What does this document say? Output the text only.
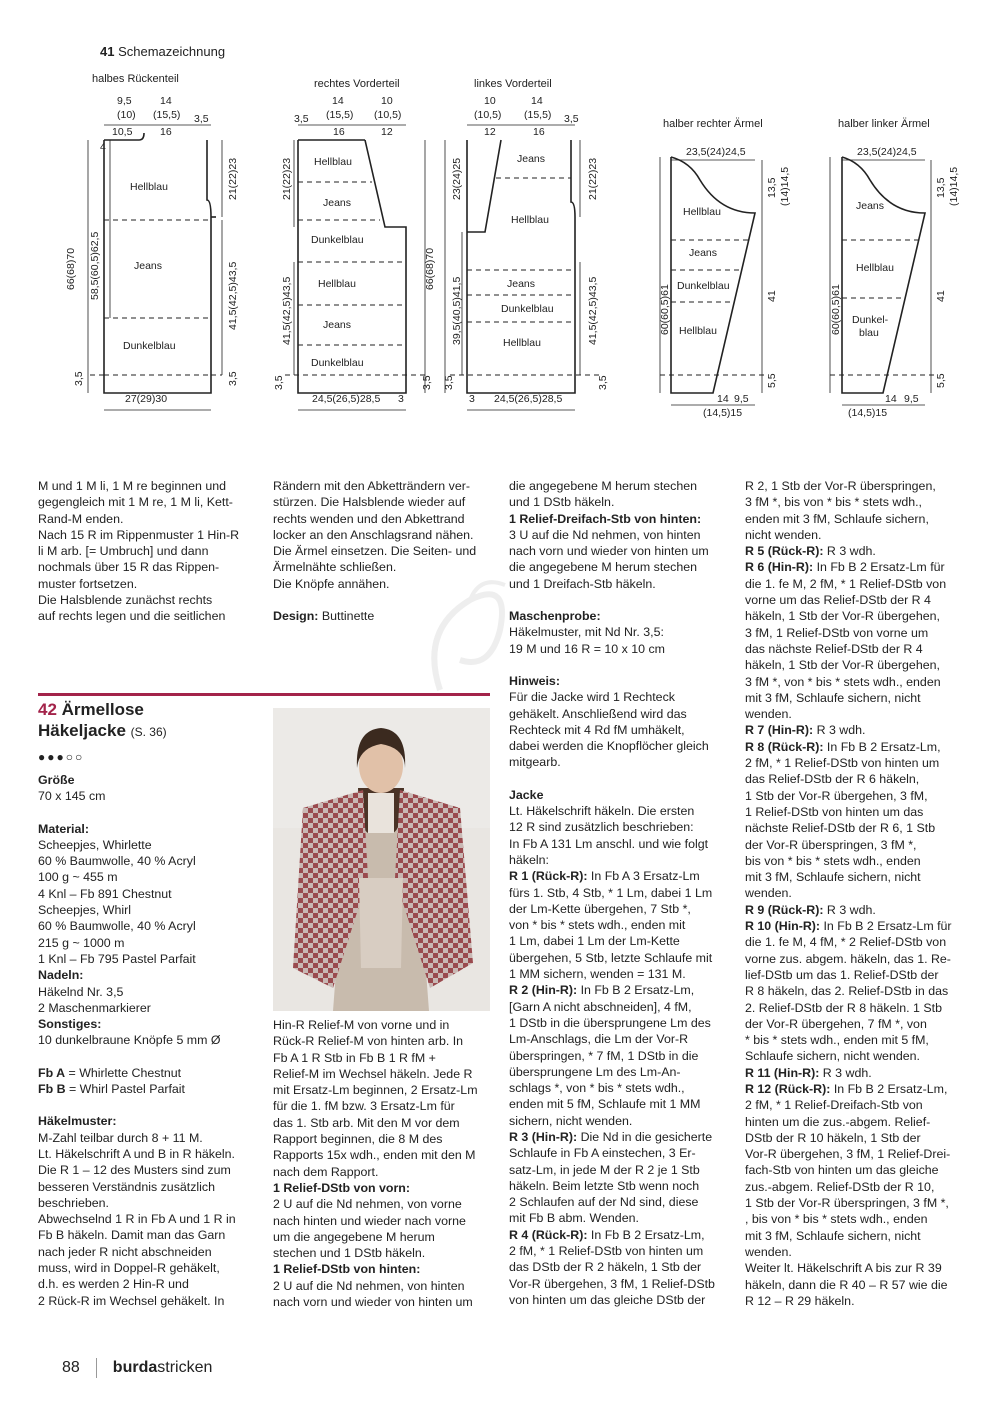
41 Schemazeichnung
halbes Rückenteil
9,5	14
(10) (15,5)
10,5	16
3,5
4
Hellblau
Jeans
Dunkelblau
27(29)30
66(68)70 58,5(60,5)62,5
21(22)23
41,5(42,5)43,5
3,5
3,5
rechtes Vorderteil
14	10
(15,5) (10,5)
3,5
16	12
Hellblau
Jeans
Dunkelblau
Hellblau
Jeans
Dunkelblau
24,5(26,5)28,5 3
21(22)23
41,5(42,5)43,5
3,5	3,5
linkes Vorderteil
10	14
(10,5) (15,5) 3,5
12	16
Jeans
Hellblau
Jeans
Dunkelblau
Hellblau
24,5(26,5)28,5
3
66(68)70
23(24)25
39,5(40,5)41,5
3,5
21(22)23
41,5(42,5)43,5
3,5
halber rechter Ärmel
23,5(24)24,5
Hellblau
Jeans
Dunkelblau
Hellblau
14 9,5
(14,5)15
60(60,5)61
13,5 (14)14,5
41
5,5
halber linker Ärmel
23,5(24)24,5
Jeans
Hellblau
Dunkel-
blau
14 9,5
(14,5)15
60(60,5)61
13,5 (14)14,5
41
5,5

M und 1 M li, 1 M re beginnen und
gegengleich mit 1 M re, 1 M li, Kett-
Rand-M enden.
Nach 15 R im Rippenmuster 1 Hin-R
li M arb. [= Umbruch] und dann
nochmals über 15 R das Rippen-
muster fortsetzen.
Die Halsblende zunächst rechts
auf rechts legen und die seitlichen

Rändern mit den Abketträndern ver-
stürzen. Die Halsblende wieder auf
rechts wenden und den Abkettrand
locker an den Anschlagsrand nähen.
Die Ärmel einsetzen. Die Seiten- und
Ärmelnähte schließen.
Die Knöpfe annähen.

Design: Buttinette

42 Ärmellose
Häkeljacke (S. 36)
●●●○○

Größe

70 x 145 cm

Material:

Scheepjes, Whirlette
60 % Baumwolle, 40 % Acryl
100 g ~ 455 m
4 Knl – Fb 891 Chestnut
Scheepjes, Whirl
60 % Baumwolle, 40 % Acryl
215 g ~ 1000 m
1 Knl – Fb 795 Pastel Parfait

Nadeln:

Häkelnd Nr. 3,5
2 Maschenmarkierer

Sonstiges:

10 dunkelbraune Knöpfe 5 mm Ø

Fb A = Whirlette Chestnut

Fb B = Whirl Pastel Parfait

Häkelmuster:

M-Zahl teilbar durch 8 + 11 M.
Lt. Häkelschrift A und B in R häkeln.
Die R 1 – 12 des Musters sind zum
besseren Verständnis zusätzlich
beschrieben.
Abwechselnd 1 R in Fb A und 1 R in
Fb B häkeln. Damit man das Garn
nach jeder R nicht abschneiden
muss, wird in Doppel-R gehäkelt,
d.h. es werden 2 Hin-R und
2 Rück-R im Wechsel gehäkelt. In

Hin-R Relief-M von vorne und in
Rück-R Relief-M von hinten arb. In
Fb A 1 R Stb in Fb B 1 R fM +
Relief-M im Wechsel häkeln. Jede R
mit Ersatz-Lm beginnen, 2 Ersatz-Lm
für die 1. fM bzw. 3 Ersatz-Lm für
das 1. Stb arb. Mit den M vor dem
Rapport beginnen, die 8 M des
Rapports 15x wdh., enden mit den M
nach dem Rapport.

1 Relief-DStb von vorn:

2 U auf die Nd nehmen, von vorne
nach hinten und wieder nach vorne
um die angegebene M herum
stechen und 1 DStb häkeln.

1 Relief-DStb von hinten:

2 U auf die Nd nehmen, von hinten
nach vorn und wieder von hinten um

die angegebene M herum stechen
und 1 DStb häkeln.

1 Relief-Dreifach-Stb von hinten:

3 U auf die Nd nehmen, von hinten
nach vorn und wieder von hinten um
die angegebene M herum stechen
und 1 Dreifach-Stb häkeln.

Maschenprobe:

Häkelmuster, mit Nd Nr. 3,5:
19 M und 16 R = 10 x 10 cm

Hinweis:

Für die Jacke wird 1 Rechteck
gehäkelt. Anschließend wird das
Rechteck mit 4 Rd fM umhäkelt,
dabei werden die Knopflöcher gleich
mitgearb.

Jacke

Lt. Häkelschrift häkeln. Die ersten
12 R sind zusätzlich beschrieben:
In Fb A 131 Lm anschl. und wie folgt
häkeln:

R 1 (Rück-R): In Fb A 3 Ersatz-Lm
fürs 1. Stb, 4 Stb, * 1 Lm, dabei 1 Lm
der Lm-Kette übergehen, 7 Stb *,
von * bis * stets wdh., enden mit
1 Lm, dabei 1 Lm der Lm-Kette
übergehen, 5 Stb, letzte Schlaufe mit
1 MM sichern, wenden = 131 M.

R 2 (Hin-R): In Fb B 2 Ersatz-Lm,
[Garn A nicht abschneiden], 4 fM,
1 DStb in die übersprungene Lm des
Lm-Anschlags, die Lm der Vor-R
überspringen, * 7 fM, 1 DStb in die
übersprungene Lm des Lm-An-
schlags *, von * bis * stets wdh.,
enden mit 5 fM, Schlaufe mit 1 MM
sichern, nicht wenden.

R 3 (Hin-R): Die Nd in die gesicherte
Schlaufe in Fb A einstechen, 3 Er-
satz-Lm, in jede M der R 2 je 1 Stb
häkeln. Beim letzte Stb wenn noch
2 Schlaufen auf der Nd sind, diese
mit Fb B abm. Wenden.

R 4 (Rück-R): In Fb B 2 Ersatz-Lm,
2 fM, * 1 Relief-DStb von hinten um
das DStb der R 2 häkeln, 1 Stb der
Vor-R übergehen, 3 fM, 1 Relief-DStb
von hinten um das gleiche DStb der

R 2, 1 Stb der Vor-R überspringen,
3 fM *, bis von * bis * stets wdh.,
enden mit 3 fM, Schlaufe sichern,
nicht wenden.

R 5 (Rück-R): R 3 wdh.

R 6 (Hin-R): In Fb B 2 Ersatz-Lm für
die 1. fe M, 2 fM, * 1 Relief-DStb von
vorne um das Relief-DStb der R 4
häkeln, 1 Stb der Vor-R übergehen,
3 fM, 1 Relief-DStb von vorne um
das nächste Relief-DStb der R 4
häkeln, 1 Stb der Vor-R übergehen,
3 fM *, von * bis * stets wdh., enden
mit 3 fM, Schlaufe sichern, nicht
wenden.

R 7 (Hin-R): R 3 wdh.

R 8 (Rück-R): In Fb B 2 Ersatz-Lm,
2 fM, * 1 Relief-DStb von hinten um
das Relief-DStb der R 6 häkeln,
1 Stb der Vor-R übergehen, 3 fM,
1 Relief-DStb von hinten um das
nächste Relief-DStb der R 6, 1 Stb
der Vor-R überspringen, 3 fM *,
bis von * bis * stets wdh., enden
mit 3 fM, Schlaufe sichern, nicht
wenden.

R 9 (Rück-R): R 3 wdh.

R 10 (Hin-R): In Fb B 2 Ersatz-Lm für
die 1. fe M, 4 fM, * 2 Relief-DStb von
vorne zus. abgem. häkeln, das 1. Re-
lief-DStb um das 1. Relief-DStb der
R 8 häkeln, das 2. Relief-DStb in das
2. Relief-DStb der R 8 häkeln. 1 Stb
der Vor-R übergehen, 7 fM *, von
* bis * stets wdh., enden mit 5 fM,
Schlaufe sichern, nicht wenden.

R 11 (Hin-R): R 3 wdh.

R 12 (Rück-R): In Fb B 2 Ersatz-Lm,
2 fM, * 1 Relief-Dreifach-Stb von
hinten um die zus.-abgem. Relief-
DStb der R 10 häkeln, 1 Stb der
Vor-R übergehen, 3 fM, 1 Relief-Drei-
fach-Stb von hinten um das gleiche
zus.-abgem. Relief-DStb der R 10,
1 Stb der Vor-R überspringen, 3 fM *,
, bis von * bis * stets wdh., enden
mit 3 fM, Schlaufe sichern, nicht
wenden.
Weiter lt. Häkelschrift A bis zur R 39
häkeln, dann die R 40 – R 57 wie die
R 12 – R 29 häkeln.

88 burdastricken
